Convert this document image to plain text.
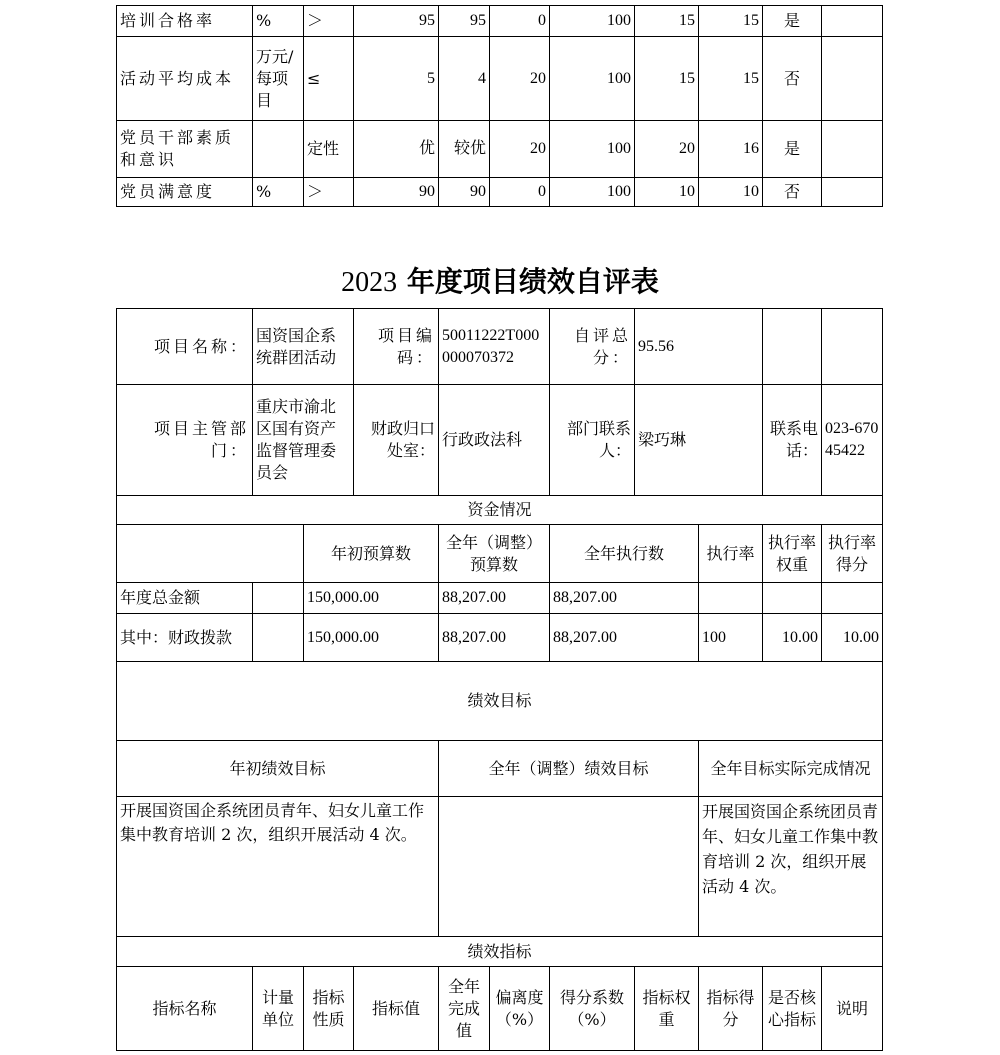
培训合格率	%	＞	95	95	0	100	15	15	是	
活动平均成本	万元/每项目	≤	5	4	20	100	15	15	否	
党员干部素质和意识		定性	优	较优	20	100	20	16	是	
党员满意度	%	＞	90	90	0	100	10	10	否	
2023 年度项目绩效自评表
项目名称：	国资国企系统群团活动		项目编码：	50011222T000000070372		自评总分：	95.56			
项目主管部门：	重庆市渝北区国有资产监督管理委员会		财政归口处室：	行政政法科		部门联系人：	梁巧琳		联系电话：	023-67045422
资金情况										
		年初预算数		全年（调整）预算数		全年执行数		执行率	执行率权重	执行率得分
年度总金额		150,000.00		88,207.00		88,207.00				
其中：财政拨款		150,000.00		88,207.00		88,207.00		100	10.00	10.00
绩效目标										
年初绩效目标				全年（调整）绩效目标				全年目标实际完成情况		
开展国资国企系统团员青年、妇女儿童工作集中教育培训 2 次，组织开展活动 4 次。								开展国资国企系统团员青年、妇女儿童工作集中教育培训 2 次，组织开展活动 4 次。		
绩效指标										
指标名称	计量单位	指标性质	指标值	全年完成值	偏离度（%）	得分系数（%）	指标权重	指标得分	是否核心指标	说明
